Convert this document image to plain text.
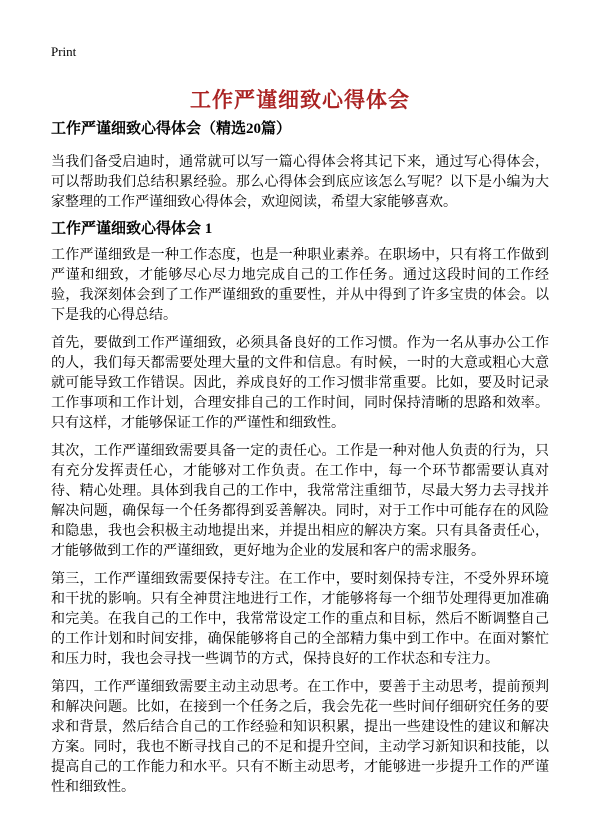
Print
工作严谨细致心得体会
工作严谨细致心得体会（精选20篇）

当我们备受启迪时，通常就可以写一篇心得体会将其记下来，通过写心得体会，可以帮助我们总结积累经验。那么心得体会到底应该怎么写呢？以下是小编为大家整理的工作严谨细致心得体会，欢迎阅读，希望大家能够喜欢。

工作严谨细致心得体会 1

工作严谨细致是一种工作态度，也是一种职业素养。在职场中，只有将工作做到严谨和细致，才能够尽心尽力地完成自己的工作任务。通过这段时间的工作经验，我深刻体会到了工作严谨细致的重要性，并从中得到了许多宝贵的体会。以下是我的心得总结。

首先，要做到工作严谨细致，必须具备良好的工作习惯。作为一名从事办公工作的人，我们每天都需要处理大量的文件和信息。有时候，一时的大意或粗心大意就可能导致工作错误。因此，养成良好的工作习惯非常重要。比如，要及时记录工作事项和工作计划，合理安排自己的工作时间，同时保持清晰的思路和效率。只有这样，才能够保证工作的严谨性和细致性。

其次，工作严谨细致需要具备一定的责任心。工作是一种对他人负责的行为，只有充分发挥责任心，才能够对工作负责。在工作中，每一个环节都需要认真对待、精心处理。具体到我自己的工作中，我常常注重细节，尽最大努力去寻找并解决问题，确保每一个任务都得到妥善解决。同时，对于工作中可能存在的风险和隐患，我也会积极主动地提出来，并提出相应的解决方案。只有具备责任心，才能够做到工作的严谨细致，更好地为企业的发展和客户的需求服务。

第三，工作严谨细致需要保持专注。在工作中，要时刻保持专注，不受外界环境和干扰的影响。只有全神贯注地进行工作，才能够将每一个细节处理得更加准确和完美。在我自己的工作中，我常常设定工作的重点和目标，然后不断调整自己的工作计划和时间安排，确保能够将自己的全部精力集中到工作中。在面对繁忙和压力时，我也会寻找一些调节的方式，保持良好的工作状态和专注力。

第四，工作严谨细致需要主动主动思考。在工作中，要善于主动思考，提前预判和解决问题。比如，在接到一个任务之后，我会先花一些时间仔细研究任务的要求和背景，然后结合自己的工作经验和知识积累，提出一些建设性的建议和解决方案。同时，我也不断寻找自己的不足和提升空间，主动学习新知识和技能，以提高自己的工作能力和水平。只有不断主动思考，才能够进一步提升工作的严谨性和细致性。
